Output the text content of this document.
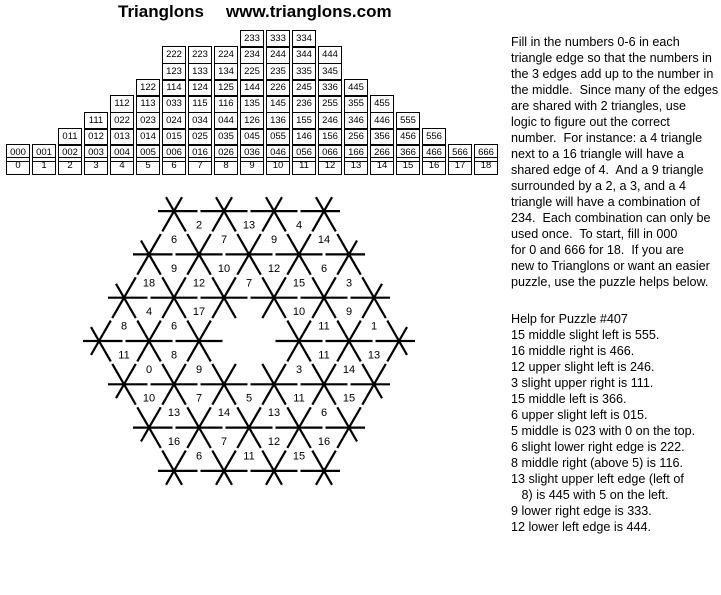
Trianglons www.trianglons.com
233	333	334
222	223	224	234	244	344	444
123	133	134	225	235	335	345
122	114	124	125	144	226	245	336	445
112	113	033	115	116	135	145	236	255	355	455
111	022	023	024	034	044	126	136	155	246	346	446	555
011	012	013	014	015	025	035	045	055	146	156	256	356	456	556
000	001	002	003	004	005	006	016	026	036	046	056	066	166	266	366	466	566	666
0	1	2	3	4	5	6	7	8	9	10	11	12	13	14	15	16	17	18
2	13	4
6	7	9	14
9	10	12	6
18	12	7	15	3
4	17	10	9
8	6	11	1
11	8	11	13
0	9	3	14
10	7	5	11	15
13	14	13	6
16	7	12	16
6	11	15
Fill in the numbers 0-6 in each
triangle edge so that the numbers in
the 3 edges add up to the number in
the middle.  Since many of the edges
are shared with 2 triangles, use
logic to figure out the correct
number.  For instance: a 4 triangle
next to a 16 triangle will have a
shared edge of 4.  And a 9 triangle
surrounded by a 2, a 3, and a 4
triangle will have a combination of
234.  Each combination can only be
used once.  To start, fill in 000
for 0 and 666 for 18.  If you are
new to Trianglons or want an easier
puzzle, use the puzzle helps below.
Help for Puzzle #407
15 middle slight left is 555.
16 middle right is 466.
12 upper slight left is 246.
3 slight upper right is 111.
15 middle left is 366.
6 upper slight left is 015.
5 middle is 023 with 0 on the top.
6 slight lower right edge is 222.
8 middle right (above 5) is 116.
13 slight upper left edge (left of
8) is 445 with 5 on the left.
9 lower right edge is 333.
12 lower left edge is 444.
